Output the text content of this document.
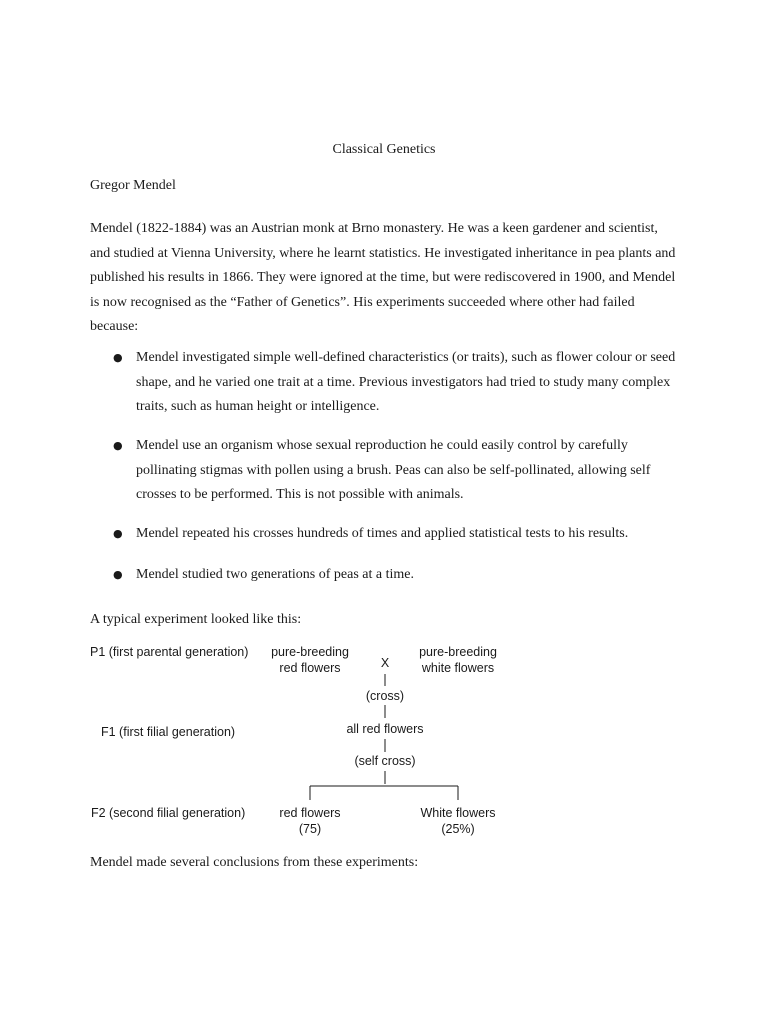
Classical Genetics
Gregor Mendel

Mendel (1822-1884) was an Austrian monk at Brno monastery. He was a keen gardener and scientist, and studied at Vienna University, where he learnt statistics. He investigated inheritance in pea plants and published his results in 1866. They were ignored at the time, but were rediscovered in 1900, and Mendel is now recognised as the “Father of Genetics”. His experiments succeeded where other had failed because:

● Mendel investigated simple well-defined characteristics (or traits), such as flower colour or seed shape, and he varied one trait at a time. Previous investigators had tried to study many complex traits, such as human height or intelligence.
● Mendel use an organism whose sexual reproduction he could easily control by carefully pollinating stigmas with pollen using a brush. Peas can also be self-pollinated, allowing self crosses to be performed. This is not possible with animals.
● Mendel repeated his crosses hundreds of times and applied statistical tests to his results.
● Mendel studied two generations of peas at a time.
A typical experiment looked like this:
P1 (first parental generation)
F1 (first filial generation)
F2 (second filial generation)
pure-breeding
red flowers
pure-breeding
white flowers
X
(cross)
all red flowers
(self cross)
red flowers
(75)
White flowers
(25%)
Mendel made several conclusions from these experiments:
